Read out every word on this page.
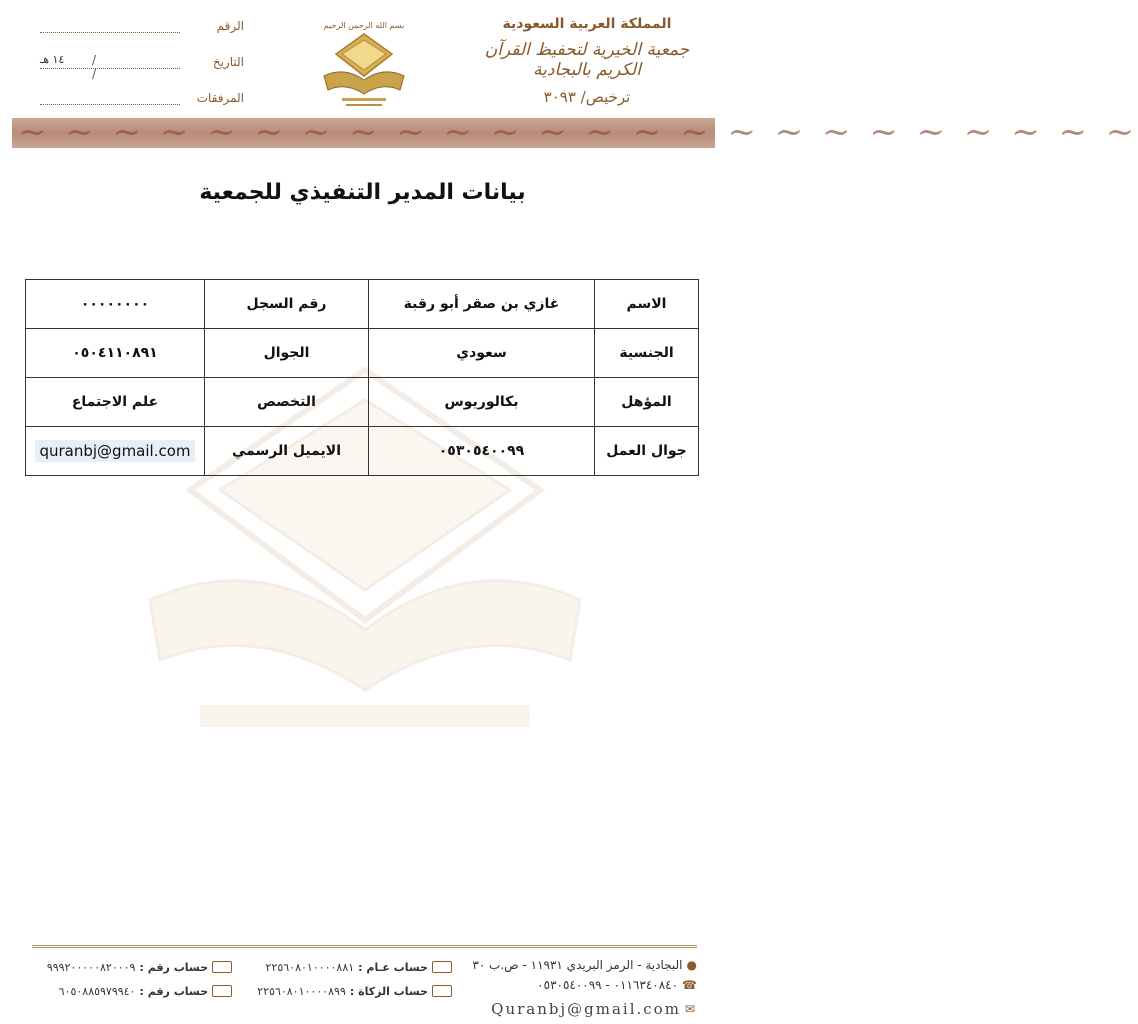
المملكة العربية السعودية
جمعية الخيرية لتحفيظ القرآن الكريم بالبجادية
ترخيص/ ٣٠٩٣
بسم الله الرحمن الرحيم
الرقم
التاريخ
/ /
١٤ هـ
المرفقات
~ ~ ~ ~ ~ ~ ~ ~ ~ ~ ~ ~ ~ ~ ~ ~ ~ ~ ~ ~ ~ ~ ~ ~
بيانات المدير التنفيذي للجمعية
الاسم	غازي بن صقر أبو رقبة	رقم السجل	٠٠٠٠٠٠٠٠
الجنسية	سعودي	الجوال	٠٥٠٤١١٠٨٩١
المؤهل	بكالوريوس	التخصص	علم الاجتماع
جوال العمل	٠٥٣٠٥٤٠٠٩٩	الايميل الرسمي	quranbj@gmail.com
●
البجادية - الرمز البريدي ١١٩٣١ - ص.ب ٣٠
☎
٠١١٦٣٤٠٨٤٠ - ٠٥٣٠٥٤٠٠٩٩
Quranbj@gmail.com ✉
حساب عـام :
٢٢٥٦٠٨٠١٠٠٠٠٨٨١
حساب الزكاة :
٢٢٥٦٠٨٠١٠٠٠٠٨٩٩
حساب رقم :
٩٩٩٢٠٠٠٠٠٨٢٠٠٠٩
حساب رقم :
٦٠٥٠٨٨٥٩٧٩٩٤٠
